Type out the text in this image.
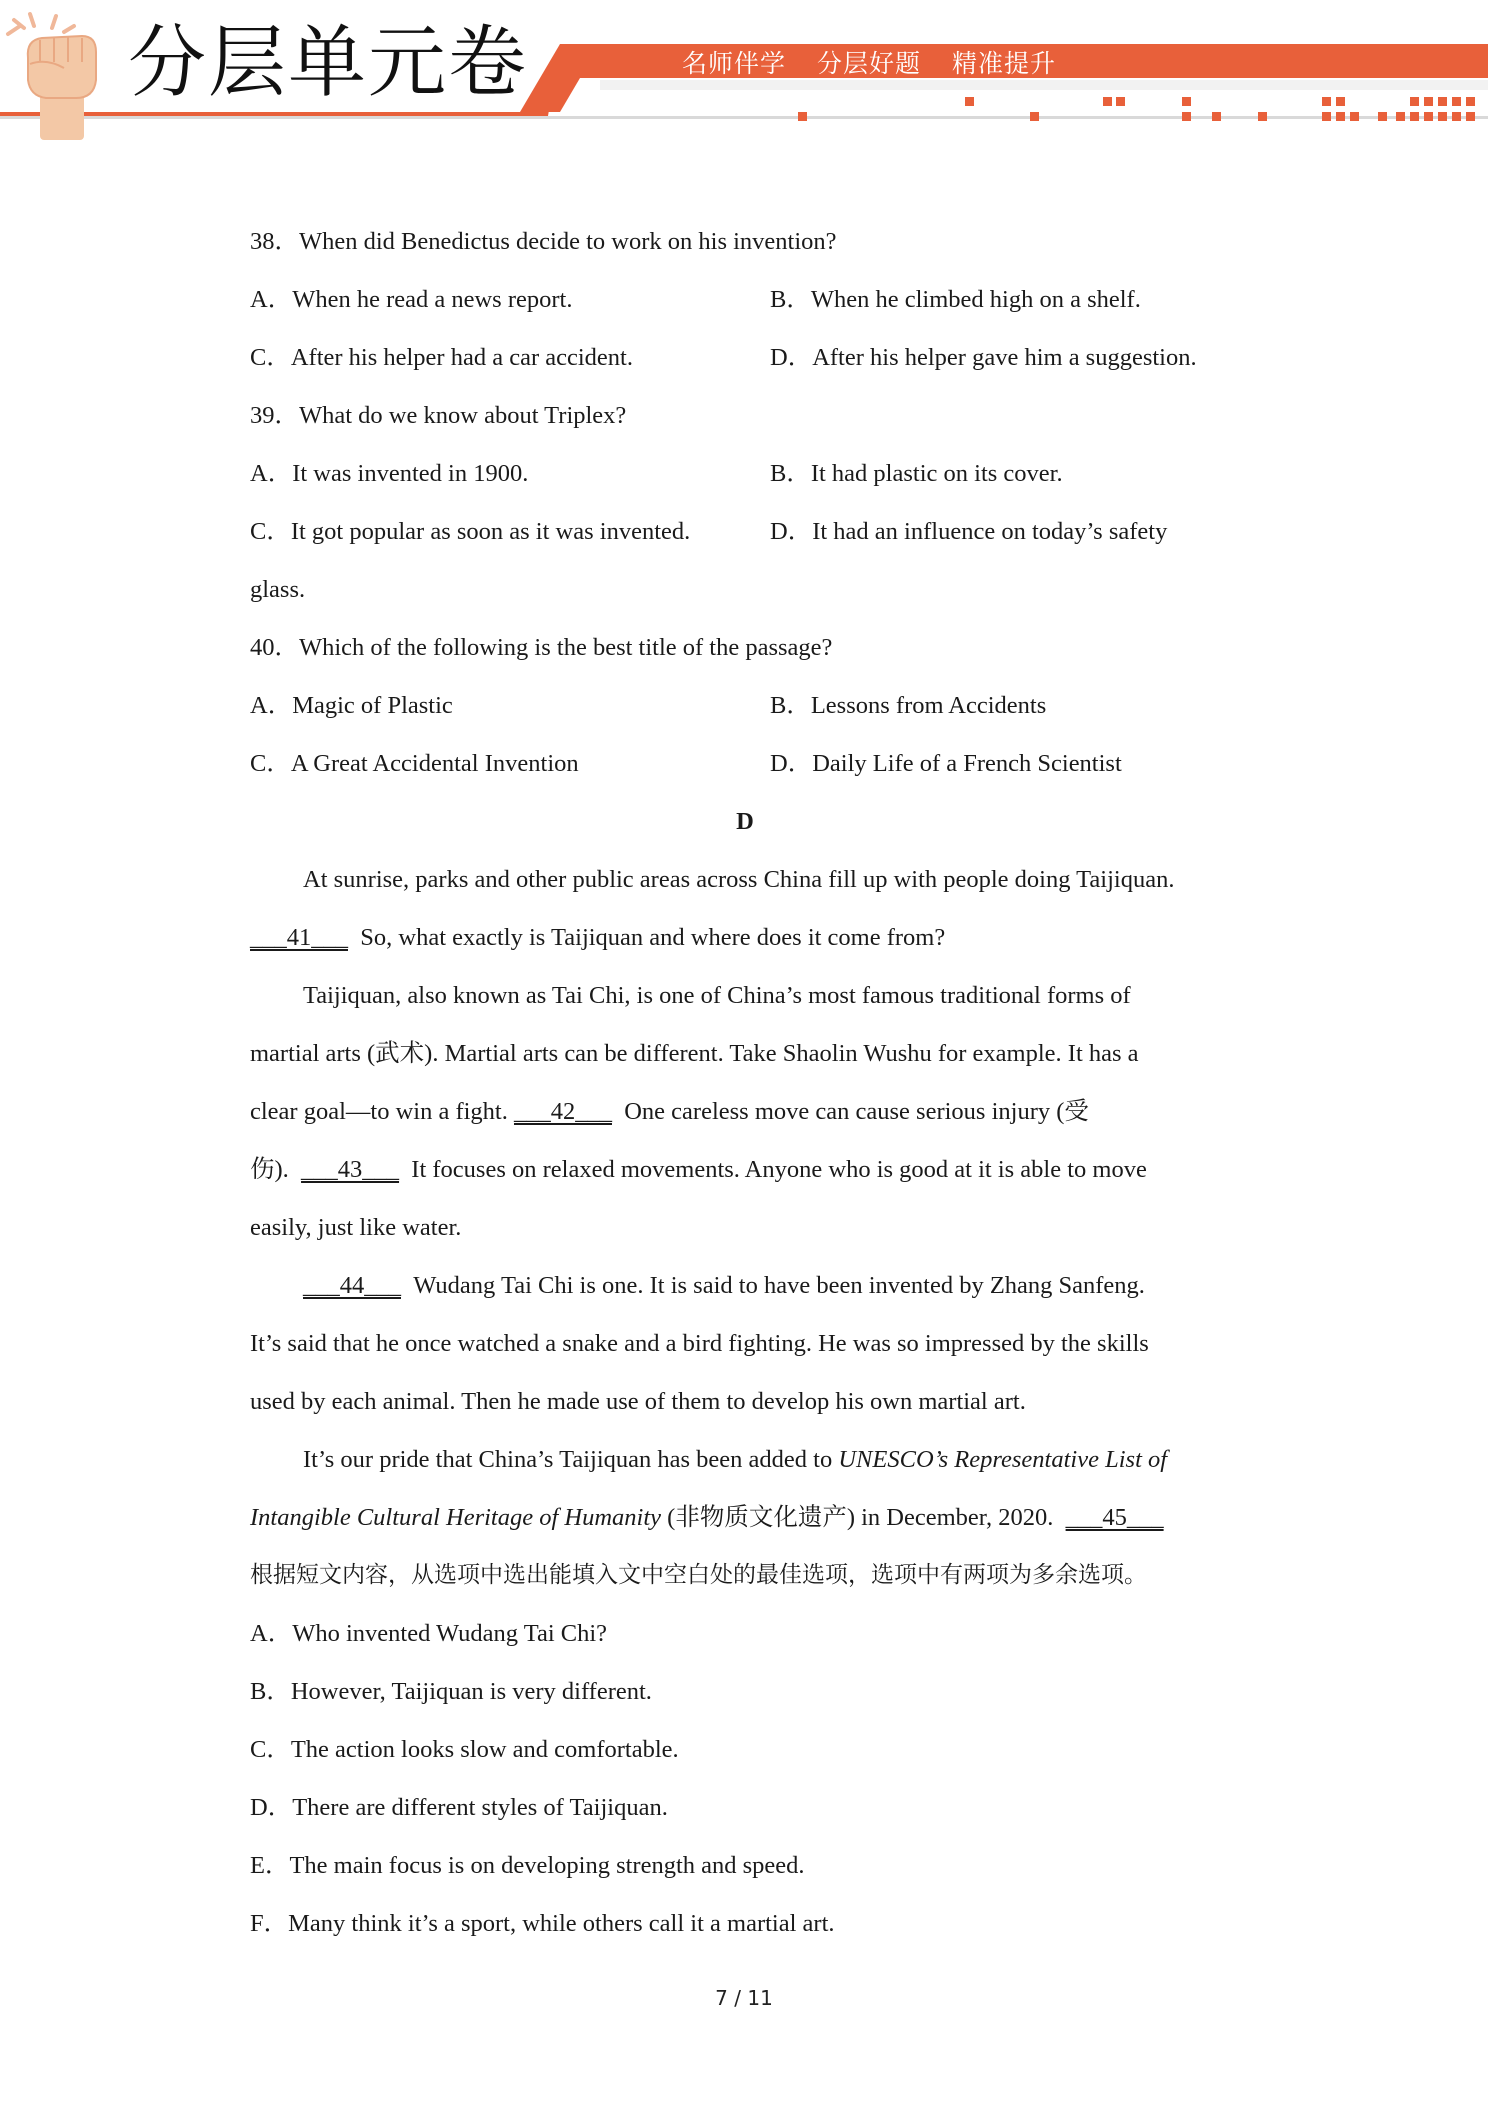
分层单元卷	名师伴学 分层好题 精准提升
38．When did Benedictus decide to work on his invention?
A．When he read a news report.	B．When he climbed high on a shelf.
C．After his helper had a car accident.	D．After his helper gave him a suggestion.
39．What do we know about Triplex?
A．It was invented in 1900.	B．It had plastic on its cover.
C．It got popular as soon as it was invented.	D．It had an influence on today’s safety
glass.
40．Which of the following is the best title of the passage?
A．Magic of Plastic	B．Lessons from Accidents
C．A Great Accidental Invention	D．Daily Life of a French Scientist
D
At sunrise, parks and other public areas across China fill up with people doing Taijiquan.
___41___ So, what exactly is Taijiquan and where does it come from?
Taijiquan, also known as Tai Chi, is one of China’s most famous traditional forms of
martial arts (武术). Martial arts can be different. Take Shaolin Wushu for example. It has a
clear goal—to win a fight. ___42___ One careless move can cause serious injury (受
伤). ___43___ It focuses on relaxed movements. Anyone who is good at it is able to move
easily, just like water.
___44___ Wudang Tai Chi is one. It is said to have been invented by Zhang Sanfeng.
It’s said that he once watched a snake and a bird fighting. He was so impressed by the skills
used by each animal. Then he made use of them to develop his own martial art.
It’s our pride that China’s Taijiquan has been added to UNESCO’s Representative List of
Intangible Cultural Heritage of Humanity (非物质文化遗产) in December, 2020. ___45___
根据短文内容，从选项中选出能填入文中空白处的最佳选项，选项中有两项为多余选项。
A．Who invented Wudang Tai Chi?
B．However, Taijiquan is very different.
C．The action looks slow and comfortable.
D．There are different styles of Taijiquan.
E．The main focus is on developing strength and speed.
F．Many think it’s a sport, while others call it a martial art.
7 / 11
